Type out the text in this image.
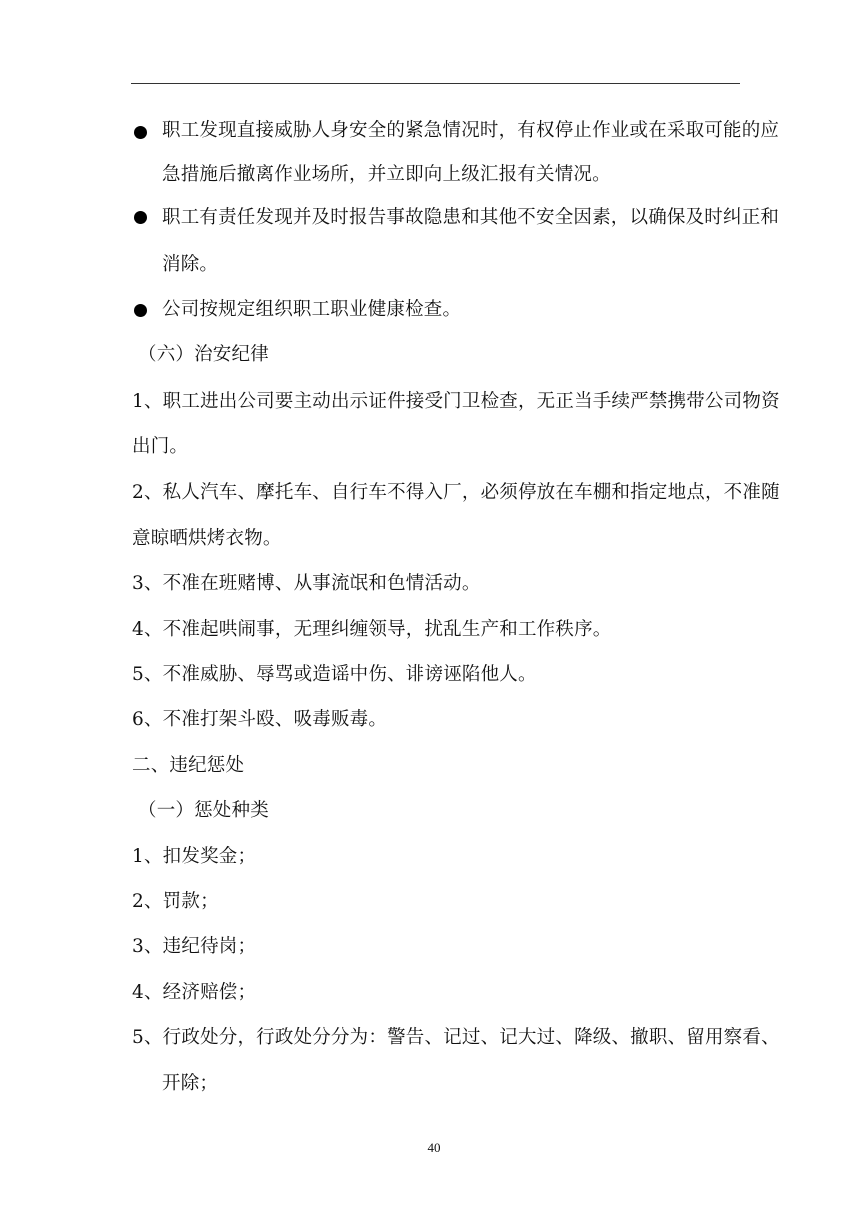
职工发现直接威胁人身安全的紧急情况时，有权停止作业或在采取可能的应
急措施后撤离作业场所，并立即向上级汇报有关情况。
职工有责任发现并及时报告事故隐患和其他不安全因素，以确保及时纠正和
消除。
公司按规定组织职工职业健康检查。
（六）治安纪律
1、职工进出公司要主动出示证件接受门卫检查，无正当手续严禁携带公司物资
出门。
2、私人汽车、摩托车、自行车不得入厂，必须停放在车棚和指定地点，不准随
意晾晒烘烤衣物。
3、不准在班赌博、从事流氓和色情活动。
4、不准起哄闹事，无理纠缠领导，扰乱生产和工作秩序。
5、不准威胁、辱骂或造谣中伤、诽谤诬陷他人。
6、不准打架斗殴、吸毒贩毒。
二、违纪惩处
（一）惩处种类
1、扣发奖金；
2、罚款；
3、违纪待岗；
4、经济赔偿；
5、行政处分，行政处分分为：警告、记过、记大过、降级、撤职、留用察看、
开除；
40
